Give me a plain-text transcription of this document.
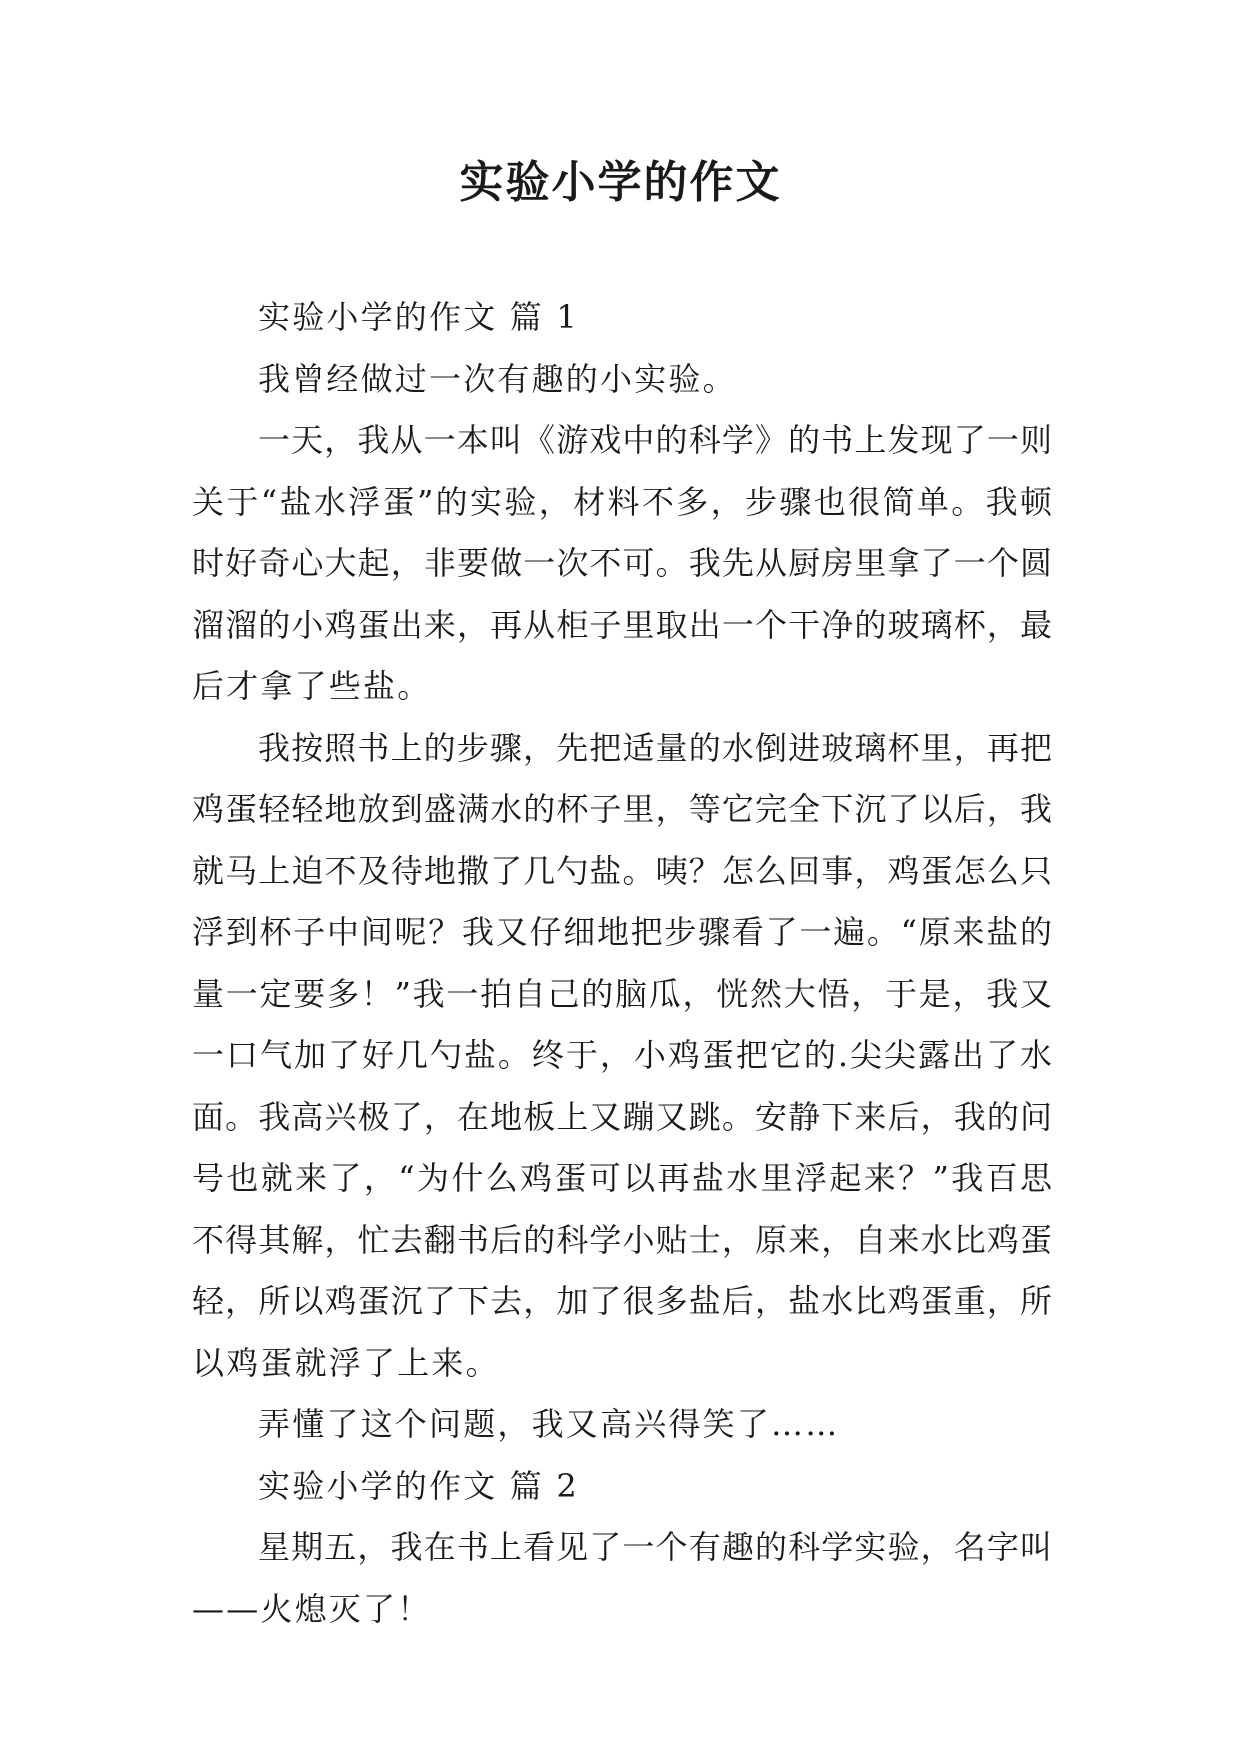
实验小学的作文
实验小学的作文 篇 1
我曾经做过一次有趣的小实验。
一天，我从一本叫《游戏中的科学》的书上发现了一则
关于“盐水浮蛋”的实验，材料不多，步骤也很简单。我顿
时好奇心大起，非要做一次不可。我先从厨房里拿了一个圆
溜溜的小鸡蛋出来，再从柜子里取出一个干净的玻璃杯，最
后才拿了些盐。
我按照书上的步骤，先把适量的水倒进玻璃杯里，再把
鸡蛋轻轻地放到盛满水的杯子里，等它完全下沉了以后，我
就马上迫不及待地撒了几勺盐。咦？怎么回事，鸡蛋怎么只
浮到杯子中间呢？我又仔细地把步骤看了一遍。“原来盐的
量一定要多！”我一拍自己的脑瓜，恍然大悟，于是，我又
一口气加了好几勺盐。终于，小鸡蛋把它的.尖尖露出了水
面。我高兴极了，在地板上又蹦又跳。安静下来后，我的问
号也就来了，“为什么鸡蛋可以再盐水里浮起来？”我百思
不得其解，忙去翻书后的科学小贴士，原来，自来水比鸡蛋
轻，所以鸡蛋沉了下去，加了很多盐后，盐水比鸡蛋重，所
以鸡蛋就浮了上来。
弄懂了这个问题，我又高兴得笑了……
实验小学的作文 篇 2
星期五，我在书上看见了一个有趣的科学实验，名字叫
——火熄灭了！
